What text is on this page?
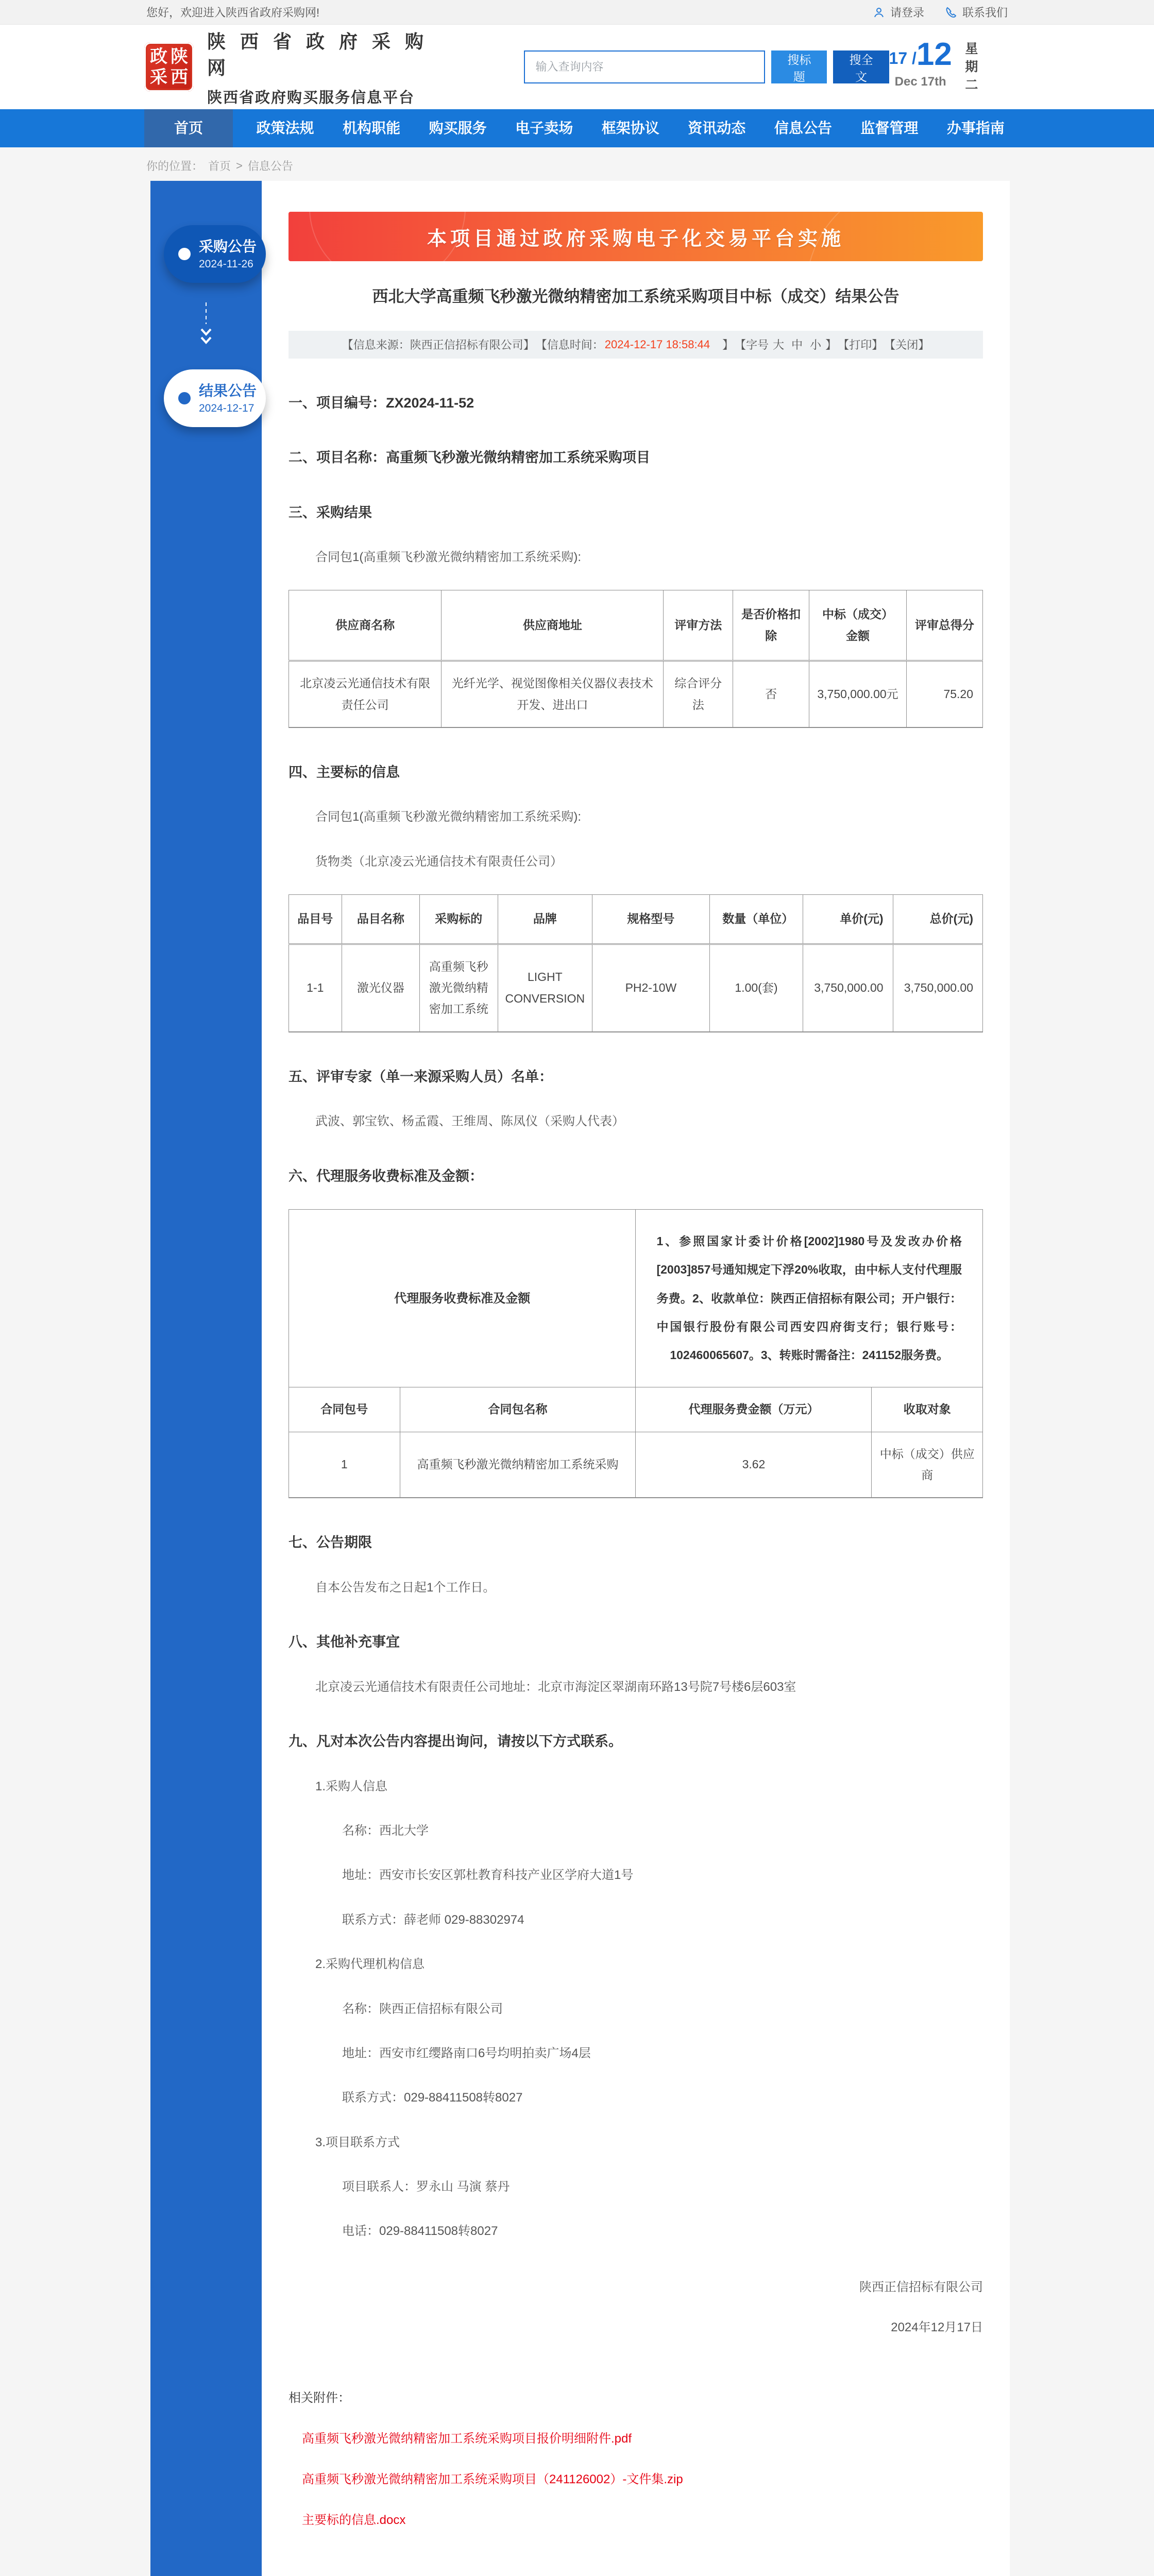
您好，欢迎进入陕西省政府采购网!	请登录	联系我们
政 陕
采 西
陕 西 省 政 府 采 购 网
陕西省政府购买服务信息平台
输入查询内容
搜标题
搜全文
17 / 12
Dec 17th	星期二
首页	政策法规	机构职能	购买服务	电子卖场	框架协议	资讯动态	信息公告	监督管理	办事指南
你的位置： 首页 > 信息公告
采购公告
2024-11-26
结果公告
2024-12-17
本项目通过政府采购电子化交易平台实施
西北大学高重频飞秒激光微纳精密加工系统采购项目中标（成交）结果公告
【信息来源：陕西正信招标有限公司】 【信息时间： 2024-12-17 18:58:44 　】 【字号 大 中 小 】 【打印】 【关闭】
一、项目编号：ZX2024-11-52
二、项目名称：高重频飞秒激光微纳精密加工系统采购项目
三、采购结果
合同包1(高重频飞秒激光微纳精密加工系统采购):
供应商名称	供应商地址	评审方法	是否价格扣除	中标（成交）金额	评审总得分
北京凌云光通信技术有限责任公司	光纤光学、视觉图像相关仪器仪表技术开发、进出口	综合评分法	否	3,750,000.00元	75.20
四、主要标的信息
合同包1(高重频飞秒激光微纳精密加工系统采购):
货物类（北京凌云光通信技术有限责任公司）
品目号	品目名称	采购标的	品牌	规格型号	数量（单位）	单价(元)	总价(元)
1-1	激光仪器	高重频飞秒激光微纳精密加工系统	LIGHT CONVERSION	PH2-10W	1.00(套)	3,750,000.00	3,750,000.00
五、评审专家（单一来源采购人员）名单：
武波、郭宝钦、杨孟霞、王维周、陈凤仪（采购人代表）
六、代理服务收费标准及金额：
代理服务收费标准及金额		1、参照国家计委计价格[2002]1980号及发改办价格[2003]857号通知规定下浮20%收取，由中标人支付代理服务费。2、收款单位：陕西正信招标有限公司；开户银行：中国银行股份有限公司西安四府街支行；银行账号：102460065607。3、转账时需备注：241152服务费。	
合同包号	合同包名称	代理服务费金额（万元）	收取对象
1	高重频飞秒激光微纳精密加工系统采购	3.62	中标（成交）供应商
七、公告期限
自本公告发布之日起1个工作日。
八、其他补充事宜
北京凌云光通信技术有限责任公司地址：北京市海淀区翠湖南环路13号院7号楼6层603室
九、凡对本次公告内容提出询问，请按以下方式联系。
1.采购人信息
名称：西北大学
地址：西安市长安区郭杜教育科技产业区学府大道1号
联系方式：薛老师 029-88302974
2.采购代理机构信息
名称：陕西正信招标有限公司
地址：西安市红缨路南口6号均明拍卖广场4层
联系方式：029-88411508转8027
3.项目联系方式
项目联系人：罗永山 马演 蔡丹
电话：029-88411508转8027
陕西正信招标有限公司
2024年12月17日
相关附件：
高重频飞秒激光微纳精密加工系统采购项目报价明细附件.pdf
高重频飞秒激光微纳精密加工系统采购项目（241126002）-文件集.zip
主要标的信息.docx
